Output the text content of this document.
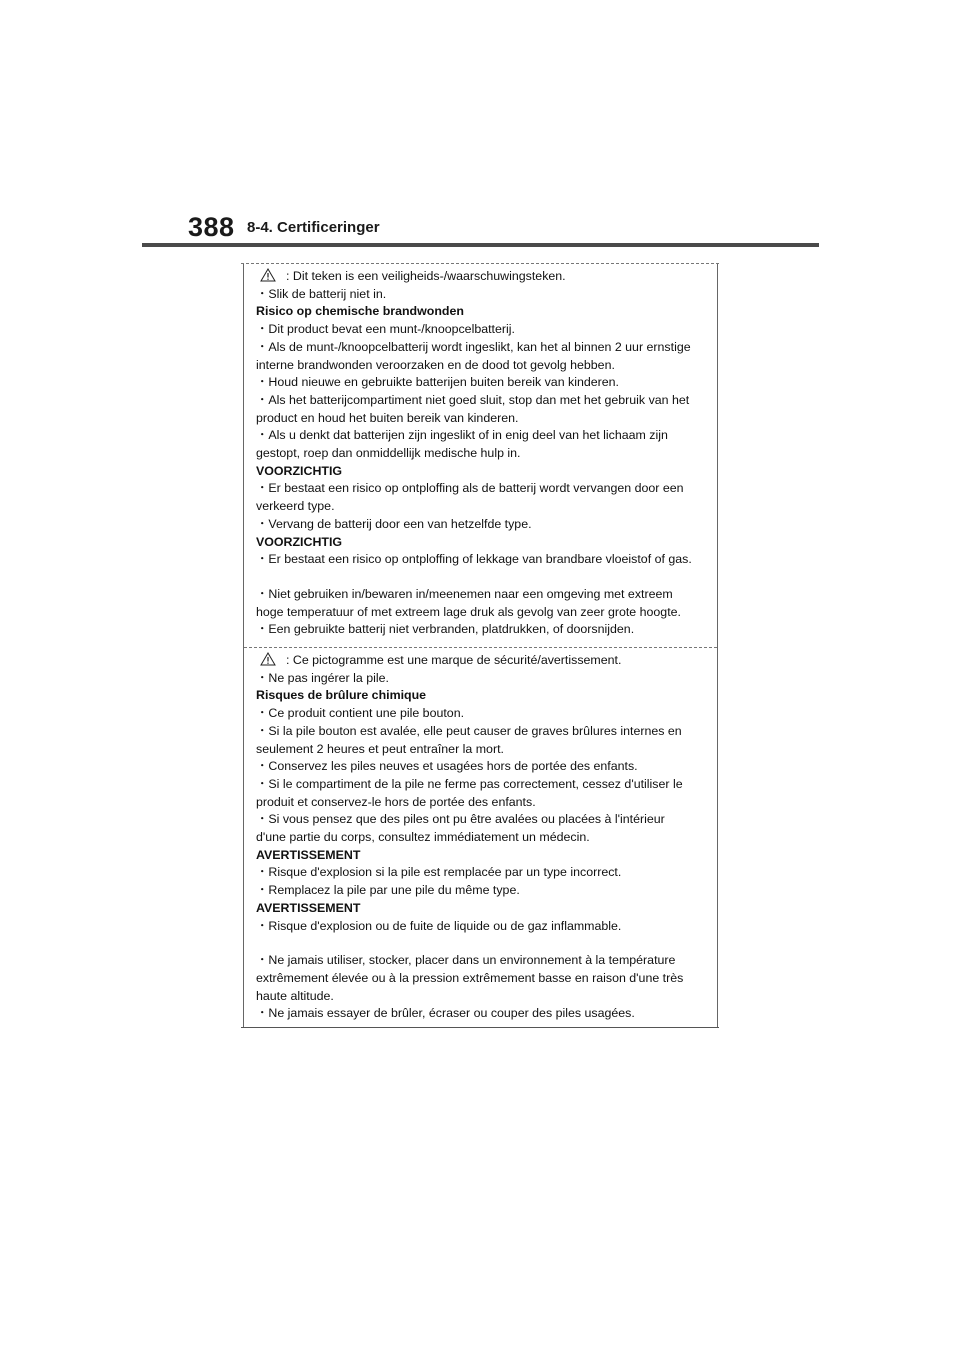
388 8-4. Certificeringer
: Dit teken is een veiligheids-/waarschuwingsteken.
・Slik de batterij niet in.
Risico op chemische brandwonden
・Dit product bevat een munt-/knoopcelbatterij.
・Als de munt-/knoopcelbatterij wordt ingeslikt, kan het al binnen 2 uur ernstige
interne brandwonden veroorzaken en de dood tot gevolg hebben.
・Houd nieuwe en gebruikte batterijen buiten bereik van kinderen.
・Als het batterijcompartiment niet goed sluit, stop dan met het gebruik van het
product en houd het buiten bereik van kinderen.
・Als u denkt dat batterijen zijn ingeslikt of in enig deel van het lichaam zijn
gestopt, roep dan onmiddellijk medische hulp in.
VOORZICHTIG
・Er bestaat een risico op ontploffing als de batterij wordt vervangen door een
verkeerd type.
・Vervang de batterij door een van hetzelfde type.
VOORZICHTIG
・Er bestaat een risico op ontploffing of lekkage van brandbare vloeistof of gas.
・Niet gebruiken in/bewaren in/meenemen naar een omgeving met extreem
hoge temperatuur of met extreem lage druk als gevolg van zeer grote hoogte.
・Een gebruikte batterij niet verbranden, platdrukken, of doorsnijden.
: Ce pictogramme est une marque de sécurité/avertissement.
・Ne pas ingérer la pile.
Risques de brûlure chimique
・Ce produit contient une pile bouton.
・Si la pile bouton est avalée, elle peut causer de graves brûlures internes en
seulement 2 heures et peut entraîner la mort.
・Conservez les piles neuves et usagées hors de portée des enfants.
・Si le compartiment de la pile ne ferme pas correctement, cessez d'utiliser le
produit et conservez-le hors de portée des enfants.
・Si vous pensez que des piles ont pu être avalées ou placées à l'intérieur
d'une partie du corps, consultez immédiatement un médecin.
AVERTISSEMENT
・Risque d'explosion si la pile est remplacée par un type incorrect.
・Remplacez la pile par une pile du même type.
AVERTISSEMENT
・Risque d'explosion ou de fuite de liquide ou de gaz inflammable.
・Ne jamais utiliser, stocker, placer dans un environnement à la température
extrêmement élevée ou à la pression extrêmement basse en raison d'une très
haute altitude.
・Ne jamais essayer de brûler, écraser ou couper des piles usagées.
